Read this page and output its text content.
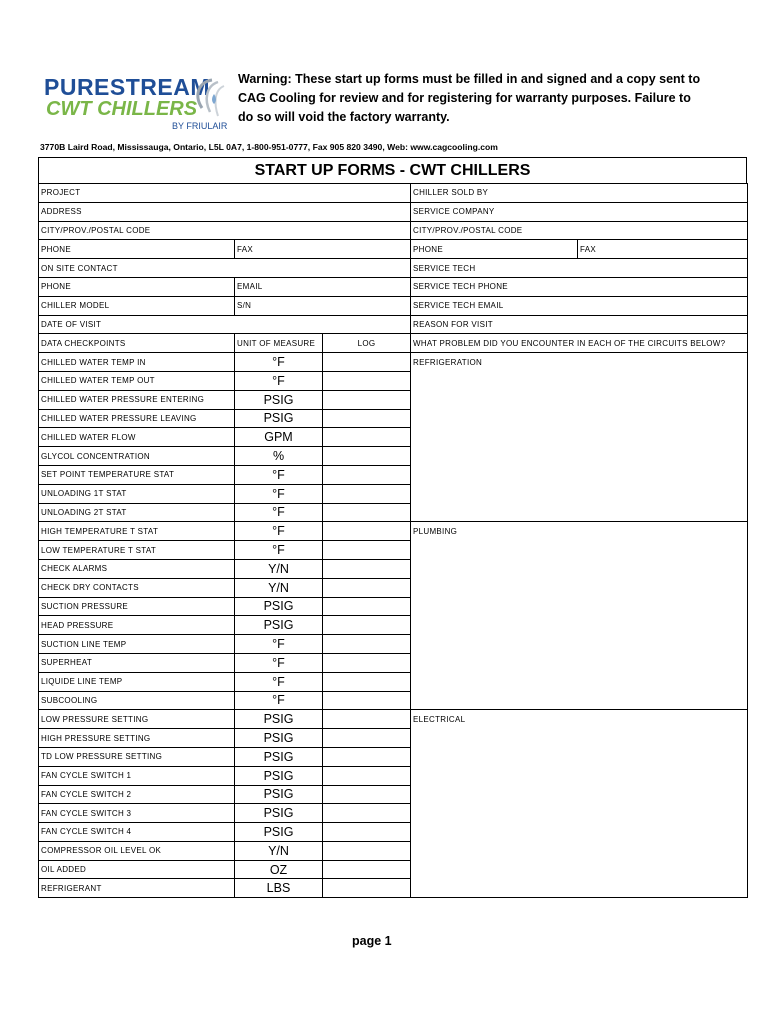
PURESTREAM
CWT CHILLERS
BY FRIULAIR
Warning: These start up forms must be filled in and signed and a copy sent to CAG Cooling for review and for registering for warranty purposes. Failure to do so will void the factory warranty.
3770B Laird Road, Mississauga, Ontario, L5L 0A7, 1-800-951-0777, Fax 905 820 3490, Web: www.cagcooling.com
START UP FORMS - CWT CHILLERS
PROJECT			CHILLER SOLD BY	
ADDRESS			SERVICE COMPANY	
CITY/PROV./POSTAL CODE			CITY/PROV./POSTAL CODE	
PHONE	FAX		PHONE	FAX
ON SITE CONTACT			SERVICE TECH	
PHONE	EMAIL		SERVICE TECH PHONE	
CHILLER MODEL	S/N		SERVICE TECH EMAIL	
DATE OF VISIT			REASON FOR VISIT	
DATA CHECKPOINTS	UNIT OF MEASURE	LOG	WHAT PROBLEM DID YOU ENCOUNTER IN EACH OF THE CIRCUITS BELOW?	
CHILLED WATER TEMP IN	°F		REFRIGERATION	
CHILLED WATER TEMP OUT	°F			
CHILLED WATER PRESSURE ENTERING	PSIG			
CHILLED WATER PRESSURE LEAVING	PSIG			
CHILLED WATER FLOW	GPM			
GLYCOL CONCENTRATION	%			
SET POINT TEMPERATURE STAT	°F			
UNLOADING 1T STAT	°F			
UNLOADING 2T STAT	°F			
HIGH TEMPERATURE T STAT	°F		PLUMBING	
LOW TEMPERATURE T STAT	°F			
CHECK ALARMS	Y/N			
CHECK DRY CONTACTS	Y/N			
SUCTION PRESSURE	PSIG			
HEAD PRESSURE	PSIG			
SUCTION LINE TEMP	°F			
SUPERHEAT	°F			
LIQUIDE LINE TEMP	°F			
SUBCOOLING	°F			
LOW PRESSURE SETTING	PSIG		ELECTRICAL	
HIGH PRESSURE SETTING	PSIG			
TD LOW PRESSURE SETTING	PSIG			
FAN CYCLE SWITCH 1	PSIG			
FAN CYCLE SWITCH 2	PSIG			
FAN CYCLE SWITCH 3	PSIG			
FAN CYCLE SWITCH 4	PSIG			
COMPRESSOR OIL LEVEL OK	Y/N			
OIL ADDED	OZ			
REFRIGERANT	LBS			
page 1
